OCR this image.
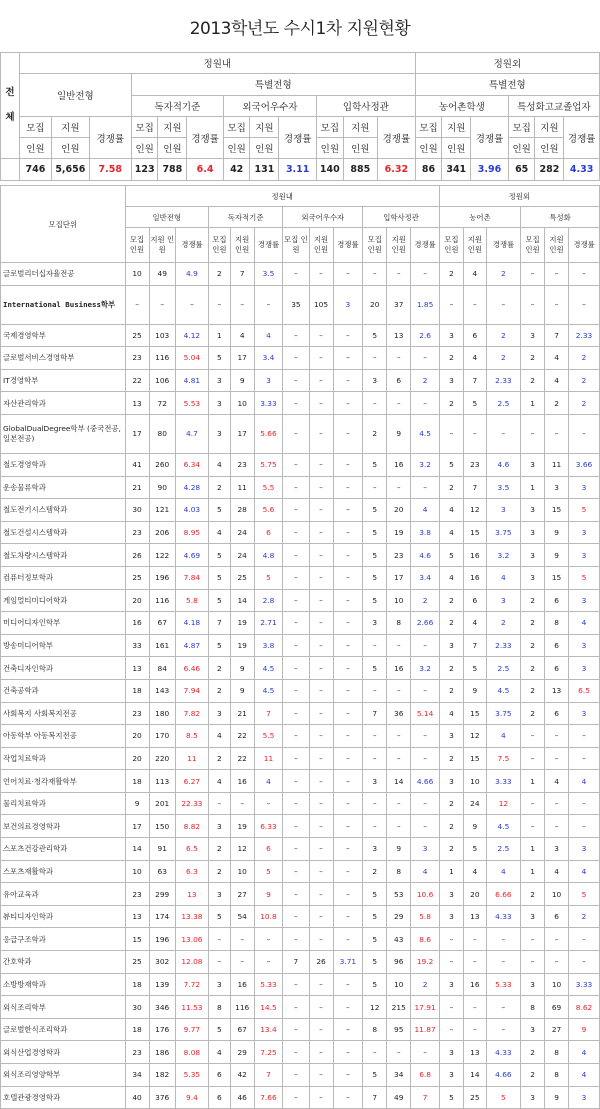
2013학년도 수시1차 지원현황
전

체	정원내												정원외					
	일반전형			특별전형									특별전형					
				독자적기준			외국어우수자			입학사정관			농어촌학생			특성화고교졸업자		
	모집	지원	경쟁률	모집	지원	경쟁률	모집	지원	경쟁률	모집	지원	경쟁률	모집	지원	경쟁률	모집	지원	경쟁률
	인원	인원		인원	인원		인원	인원		인원	인원		인원	인원		인원	인원	
	746	5,656	7.58	123	788	6.4	42	131	3.11	140	885	6.32	86	341	3.96	65	282	4.33
모집단위	정원내												정원외					
	일반전형			독자적기준			외국어우수자			입학사정관			농어촌			특성화		
	모집 인원	지원 인원	경쟁률	모집 인원	지원 인원	경쟁률	모집 인원	지원 인원	경쟁률	모집 인원	지원 인원	경쟁률	모집 인원	지원 인원	경쟁률	모집 인원	지원 인원	경쟁률
글로벌리더십자율전공	10	49	4.9	2	7	3.5	–	–	–	–	–	–	2	4	2	–	–	–
International Business학부	–	–	–	–	–	–	35	105	3	20	37	1.85	–	–	–	–	–	–
국제경영학부	25	103	4.12	1	4	4	–	–	–	5	13	2.6	3	6	2	3	7	2.33
글로벌서비스경영학부	23	116	5.04	5	17	3.4	–	–	–	–	–	–	2	4	2	2	4	2
IT경영학부	22	106	4.81	3	9	3	–	–	–	3	6	2	3	7	2.33	2	4	2
자산관리학과	13	72	5.53	3	10	3.33	–	–	–	–	–	–	2	5	2.5	1	2	2
GlobalDualDegree학부 (중국전공, 일본전공)	17	80	4.7	3	17	5.66	–	–	–	2	9	4.5	–	–	–	–	–	–
철도경영학과	41	260	6.34	4	23	5.75	–	–	–	5	16	3.2	5	23	4.6	3	11	3.66
운송물류학과	21	90	4.28	2	11	5.5	–	–	–	–	–	–	2	7	3.5	1	3	3
철도전기시스템학과	30	121	4.03	5	28	5.6	–	–	–	5	20	4	4	12	3	3	15	5
철도건설시스템학과	23	206	8.95	4	24	6	–	–	–	5	19	3.8	4	15	3.75	3	9	3
철도차량시스템학과	26	122	4.69	5	24	4.8	–	–	–	5	23	4.6	5	16	3.2	3	9	3
컴퓨터정보학과	25	196	7.84	5	25	5	–	–	–	5	17	3.4	4	16	4	3	15	5
게임멀티미디어학과	20	116	5.8	5	14	2.8	–	–	–	5	10	2	2	6	3	2	6	3
미디어디자인학부	16	67	4.18	7	19	2.71	–	–	–	3	8	2.66	2	4	2	2	8	4
방송미디어학부	33	161	4.87	5	19	3.8	–	–	–	–	–	–	3	7	2.33	2	6	3
건축디자인학과	13	84	6.46	2	9	4.5	–	–	–	5	16	3.2	2	5	2.5	2	6	3
건축공학과	18	143	7.94	2	9	4.5	–	–	–	–	–	–	2	9	4.5	2	13	6.5
사회복지 사회복지전공	23	180	7.82	3	21	7	–	–	–	7	36	5.14	4	15	3.75	2	6	3
아동학부 아동복지전공	20	170	8.5	4	22	5.5	–	–	–	–	–	–	3	12	4	–	–	–
작업치료학과	20	220	11	2	22	11	–	–	–	–	–	–	2	15	7.5	–	–	–
언어치료·청각재활학부	18	113	6.27	4	16	4	–	–	–	3	14	4.66	3	10	3.33	1	4	4
물리치료학과	9	201	22.33	–	–	–	–	–	–	–	–	–	2	24	12	–	–	–
보건의료경영학과	17	150	8.82	3	19	6.33	–	–	–	–	–	–	2	9	4.5	–	–	–
스포츠건강관리학과	14	91	6.5	2	12	6	–	–	–	3	9	3	2	5	2.5	1	3	3
스포츠재활학과	10	63	6.3	2	10	5	–	–	–	2	8	4	1	4	4	1	4	4
유아교육과	23	299	13	3	27	9	–	–	–	5	53	10.6	3	20	6.66	2	10	5
뷰티디자인학과	13	174	13.38	5	54	10.8	–	–	–	5	29	5.8	3	13	4.33	3	6	2
응급구조학과	15	196	13.06	–	–	–	–	–	–	5	43	8.6	–	–	–	–	–	–
간호학과	25	302	12.08	–	–	–	7	26	3.71	5	96	19.2	–	–	–	–	–	–
소방방재학과	18	139	7.72	3	16	5.33	–	–	–	5	10	2	3	16	5.33	3	10	3.33
외식조리학부	30	346	11.53	8	116	14.5	–	–	–	12	215	17.91	–	–	–	8	69	8.62
글로벌한식조리학과	18	176	9.77	5	67	13.4	–	–	–	8	95	11.87	–	–	–	3	27	9
외식산업경영학과	23	186	8.08	4	29	7.25	–	–	–	–	–	–	3	13	4.33	2	8	4
외식조리영양학부	34	182	5.35	6	42	7	–	–	–	5	34	6.8	3	14	4.66	2	8	4
호텔관광경영학과	40	376	9.4	6	46	7.66	–	–	–	7	49	7	5	25	5	3	9	3
